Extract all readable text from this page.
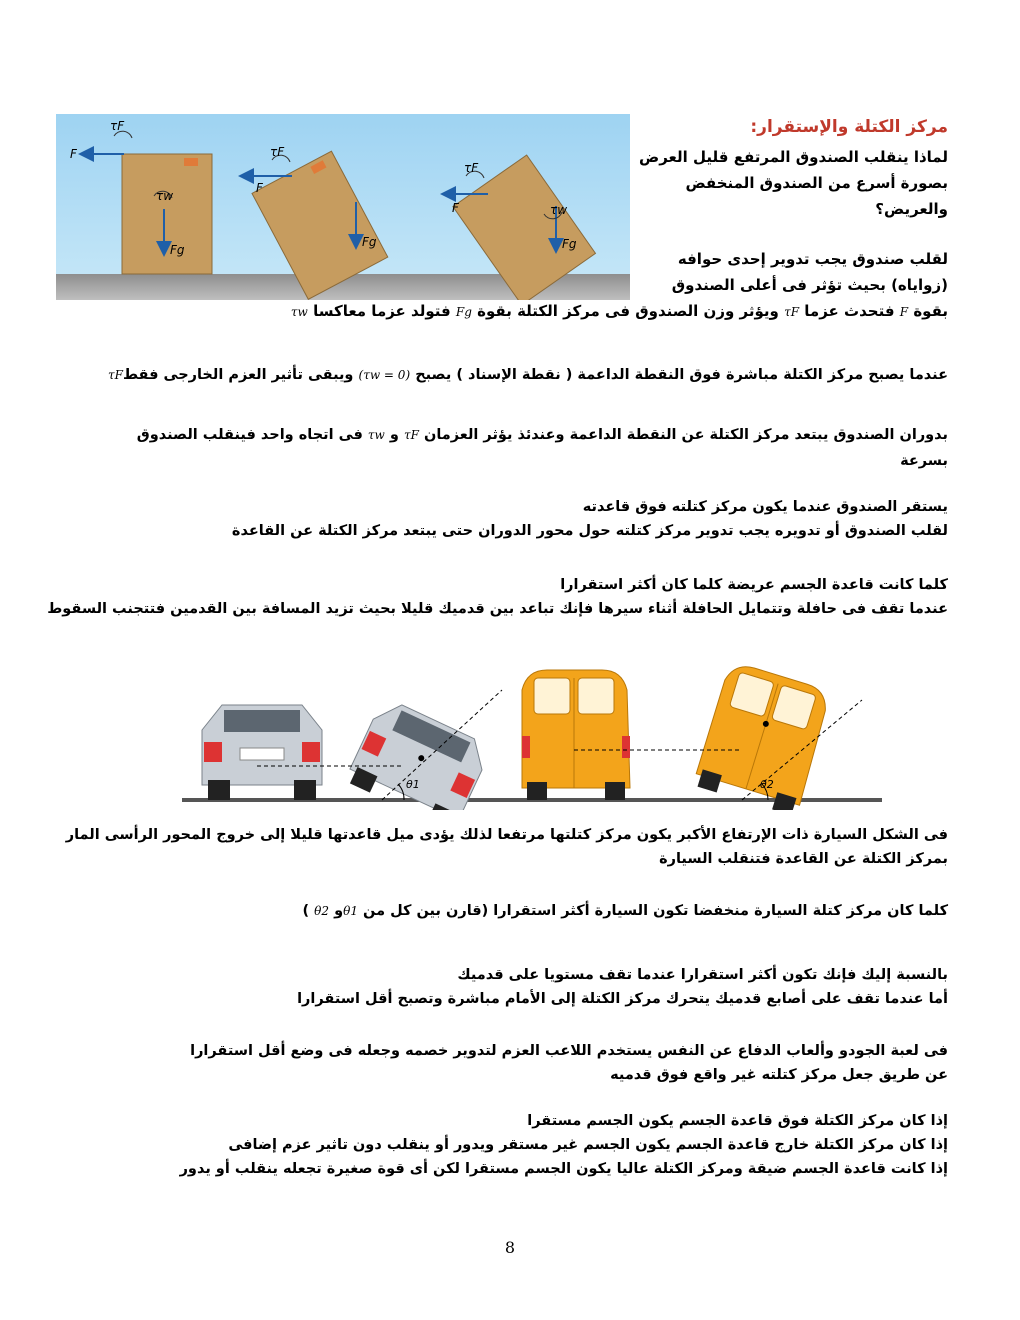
τF
F
τw
Fg
τF
F
Fg
τF
F	τw
Fg
مركز الكتلة والإستقرار:
لماذا ينقلب الصندوق المرتفع قليل العرض
بصورة أسرع من الصندوق المنخفض
والعريض؟
لقلب صندوق يجب تدوير إحدى حوافه
(زواياه) بحيث تؤثر فى أعلى الصندوق
بقوة F فتحدث عزما τF ويؤثر وزن الصندوق فى مركز الكتلة بقوة Fg فتولد عزما معاكسا τw
عندما يصبح مركز الكتلة مباشرة فوق النقطة الداعمة ( نقطة الإسناد ) يصبح (τw = 0) ويبقى تأثير العزم الخارجى فقطτF
بدوران الصندوق يبتعد مركز الكتلة عن النقطة الداعمة وعندئذ يؤثر العزمان τF و τw فى اتجاه واحد فينقلب الصندوق
بسرعة
يستقر الصندوق عندما يكون مركز كتلته فوق قاعدته
لقلب الصندوق أو تدويره يجب تدوير مركز كتلته حول محور الدوران حتى يبتعد مركز الكتلة عن القاعدة
كلما كانت قاعدة الجسم عريضة كلما كان أكثر استقرارا
عندما تقف فى حافلة وتتمايل الحافلة أثناء سيرها فإنك تباعد بين قدميك قليلا بحيث تزيد المسافة بين القدمين فتتجنب السقوط
θ1	θ2
فى الشكل السيارة ذات الإرتفاع الأكبر يكون مركز كتلتها مرتفعا لذلك يؤدى ميل قاعدتها قليلا إلى خروج المحور الرأسى المار
بمركز الكتلة عن القاعدة فتنقلب السيارة
كلما كان مركز كتلة السيارة منخفضا تكون السيارة أكثر استقرارا (قارن بين كل من θ1و θ2 )
بالنسبة إليك فإنك تكون أكثر استقرارا عندما تقف مستويا على قدميك
أما عندما تقف على أصابع قدميك يتحرك مركز الكتلة إلى الأمام مباشرة وتصبح أقل استقرارا
فى لعبة الجودو وألعاب الدفاع عن النفس يستخدم اللاعب العزم لتدوير خصمه وجعله فى وضع أقل استقرارا
عن طريق جعل مركز كتلته غير واقع فوق قدميه
إذا كان مركز الكتلة فوق قاعدة الجسم يكون الجسم مستقرا
إذا كان مركز الكتلة خارج قاعدة الجسم يكون الجسم غير مستقر ويدور أو ينقلب دون تاثير عزم إضافى
إذا كانت قاعدة الجسم ضيقة ومركز الكتلة عاليا يكون الجسم مستقرا لكن أى قوة صغيرة تجعله ينقلب أو يدور
8
